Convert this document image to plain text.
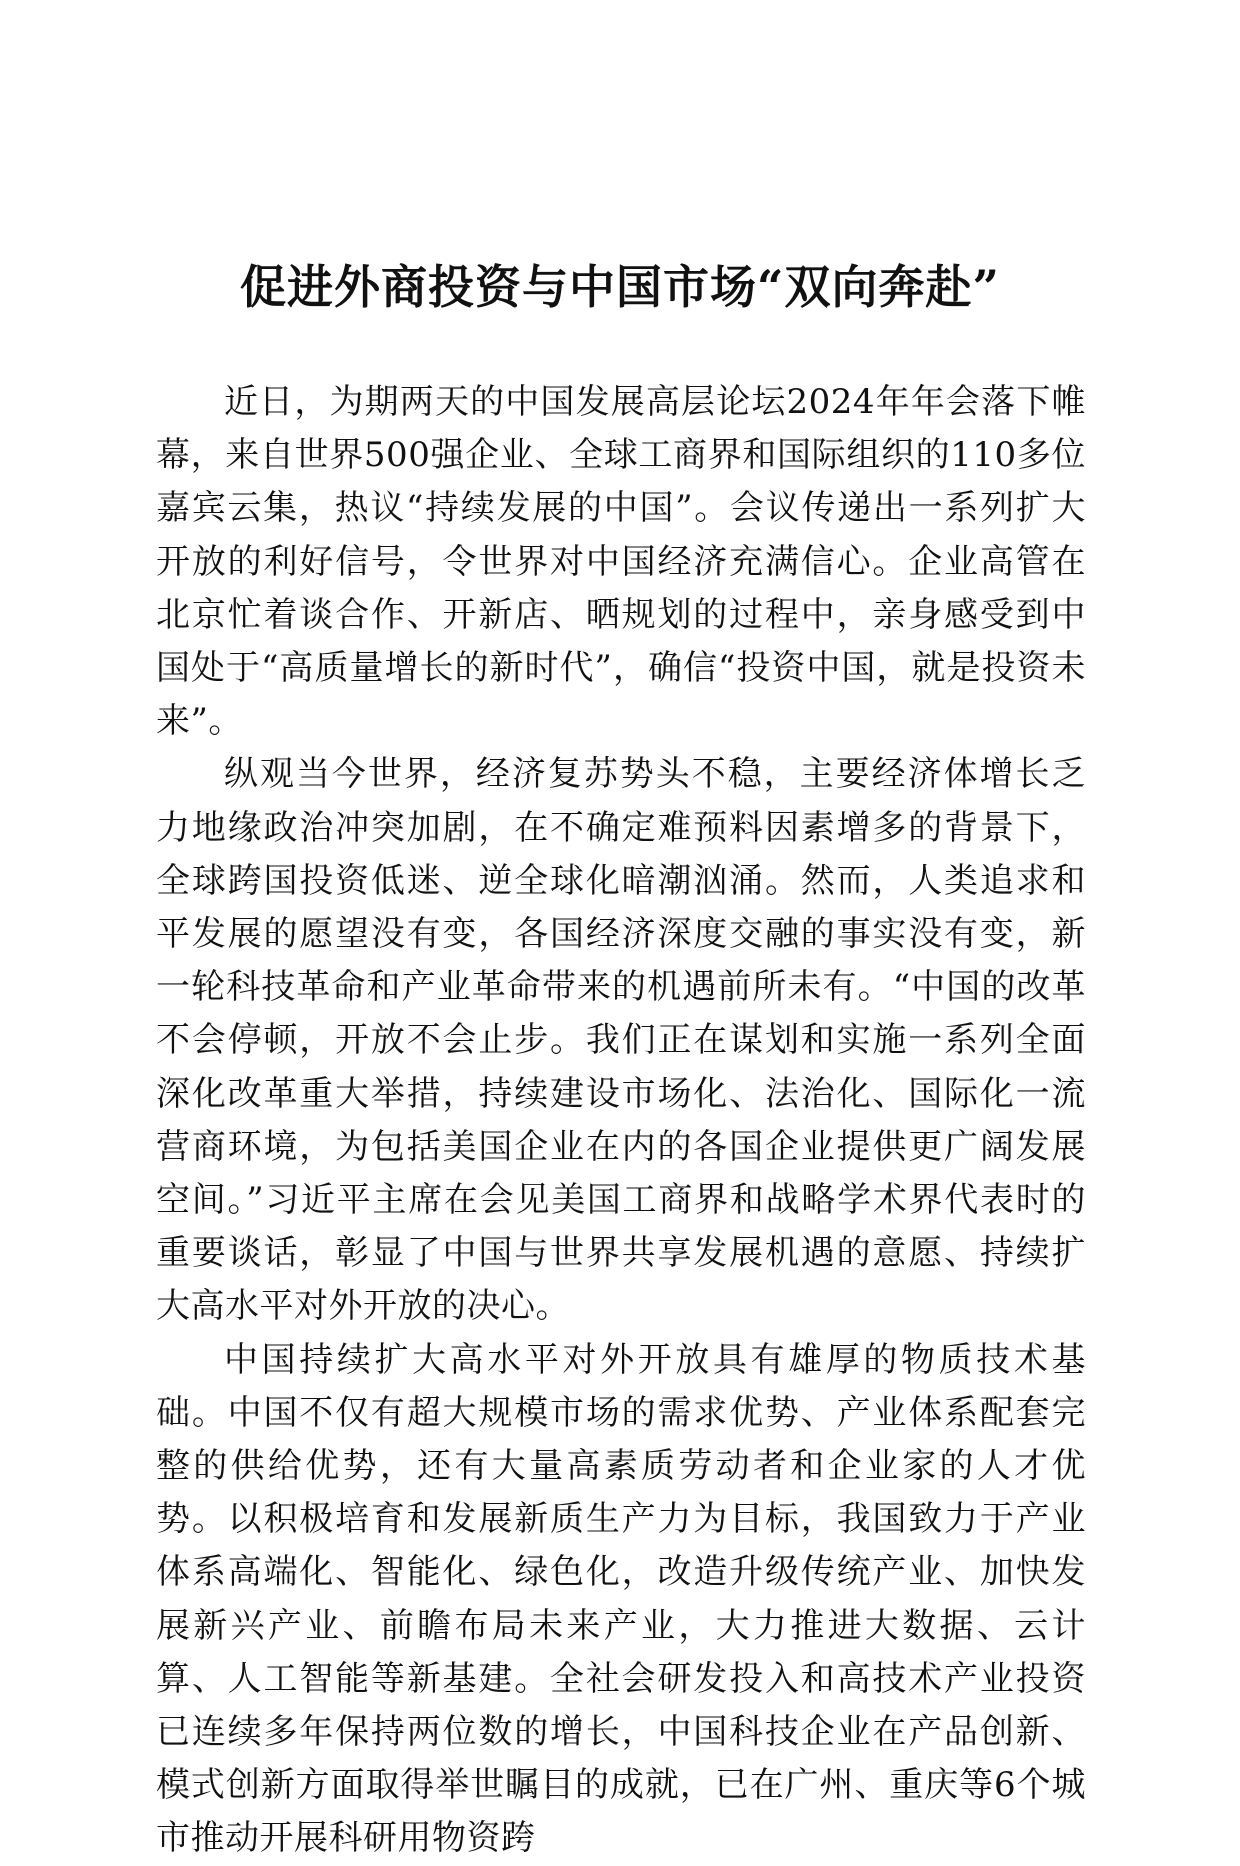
促进外商投资与中国市场“双向奔赴”

近日，为期两天的中国发展高层论坛2024年年会落下帷幕，来自世界500强企业、全球工商界和国际组织的110多位嘉宾云集，热议“持续发展的中国”。会议传递出一系列扩大开放的利好信号，令世界对中国经济充满信心。企业高管在北京忙着谈合作、开新店、晒规划的过程中，亲身感受到中国处于“高质量增长的新时代”，确信“投资中国，就是投资未来”。

纵观当今世界，经济复苏势头不稳，主要经济体增长乏力地缘政治冲突加剧，在不确定难预料因素增多的背景下，全球跨国投资低迷、逆全球化暗潮汹涌。然而，人类追求和平发展的愿望没有变，各国经济深度交融的事实没有变，新一轮科技革命和产业革命带来的机遇前所未有。“中国的改革不会停顿，开放不会止步。我们正在谋划和实施一系列全面深化改革重大举措，持续建设市场化、法治化、国际化一流营商环境，为包括美国企业在内的各国企业提供更广阔发展空间。”习近平主席在会见美国工商界和战略学术界代表时的重要谈话，彰显了中国与世界共享发展机遇的意愿、持续扩大高水平对外开放的决心。

中国持续扩大高水平对外开放具有雄厚的物质技术基础。中国不仅有超大规模市场的需求优势、产业体系配套完整的供给优势，还有大量高素质劳动者和企业家的人才优势。以积极培育和发展新质生产力为目标，我国致力于产业体系高端化、智能化、绿色化，改造升级传统产业、加快发展新兴产业、前瞻布局未来产业，大力推进大数据、云计算、人工智能等新基建。全社会研发投入和高技术产业投资已连续多年保持两位数的增长，中国科技企业在产品创新、模式创新方面取得举世瞩目的成就，已在广州、重庆等6个城市推动开展科研用物资跨
